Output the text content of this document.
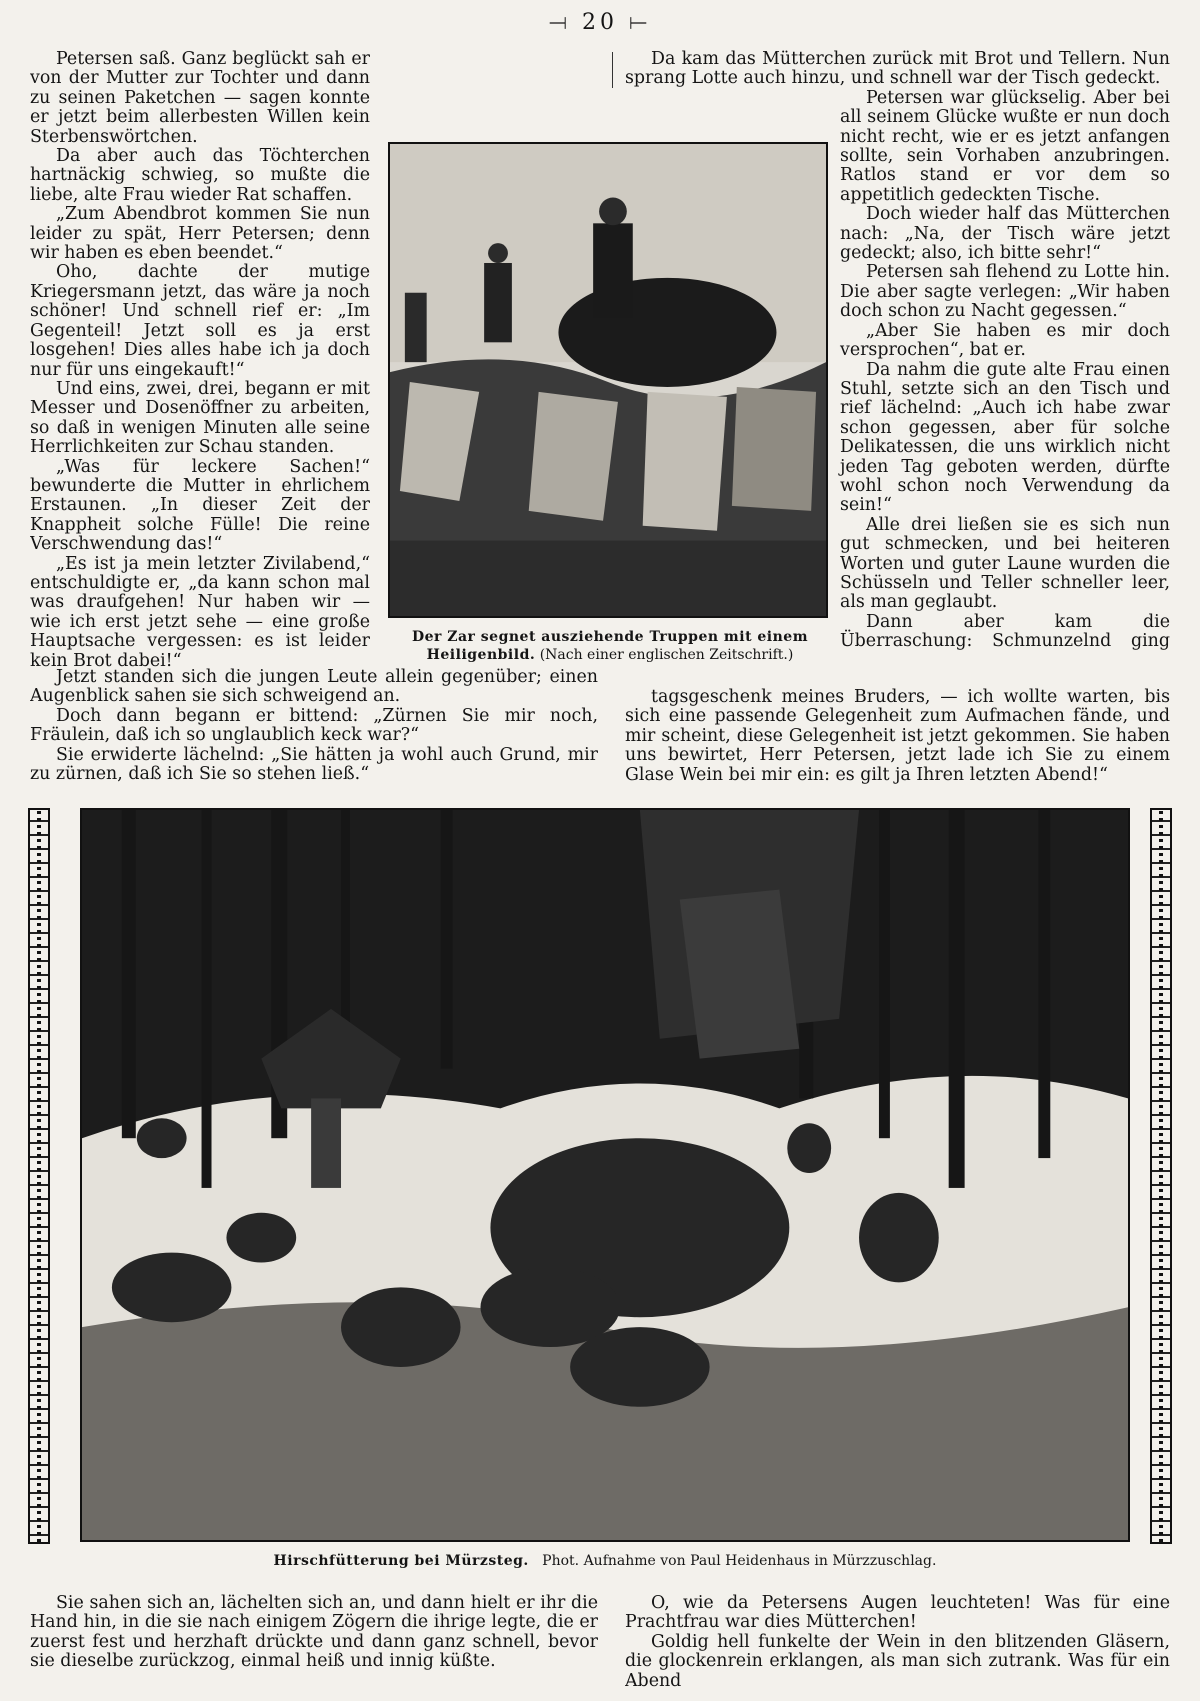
⟞ 20 ⟝

Petersen saß. Ganz beglückt sah er von der Mutter zur Tochter und dann zu seinen Paketchen — sagen konnte er jetzt beim allerbesten Willen kein Sterbenswörtchen.

Da aber auch das Töchterchen hartnäckig schwieg, so mußte die liebe, alte Frau wieder Rat schaffen.

„Zum Abendbrot kommen Sie nun leider zu spät, Herr Petersen; denn wir haben es eben beendet.“

Oho, dachte der mutige Kriegersmann jetzt, das wäre ja noch schöner! Und schnell rief er: „Im Gegenteil! Jetzt soll es ja erst losgehen! Dies alles habe ich ja doch nur für uns eingekauft!“

Und eins, zwei, drei, begann er mit Messer und Dosenöffner zu arbeiten, so daß in wenigen Minuten alle seine Herrlichkeiten zur Schau standen.

„Was für leckere Sachen!“ bewunderte die Mutter in ehrlichem Erstaunen. „In dieser Zeit der Knappheit solche Fülle! Die reine Verschwendung das!“

„Es ist ja mein letzter Zivilabend,“ entschuldigte er, „da kann schon mal was draufgehen! Nur haben wir — wie ich erst jetzt sehe — eine große Hauptsache vergessen: es ist leider kein Brot dabei!“

Da kam das Mütterchen zurück mit Brot und Tellern. Nun sprang Lotte auch hinzu, und schnell war der Tisch gedeckt.

Petersen war glückselig. Aber bei all seinem Glücke wußte er nun doch nicht recht, wie er es jetzt anfangen sollte, sein Vorhaben anzubringen. Ratlos stand er vor dem so appetitlich gedeckten Tische.

Doch wieder half das Mütterchen nach: „Na, der Tisch wäre jetzt gedeckt; also, ich bitte sehr!“

Petersen sah flehend zu Lotte hin. Die aber sagte verlegen: „Wir haben doch schon zu Nacht gegessen.“

„Aber Sie haben es mir doch versprochen“, bat er.

Da nahm die gute alte Frau einen Stuhl, setzte sich an den Tisch und rief lächelnd: „Auch ich habe zwar schon gegessen, aber für solche Delikatessen, die uns wirklich nicht jeden Tag geboten werden, dürfte wohl schon noch Verwendung da sein!“

Alle drei ließen sie es sich nun gut schmecken, und bei heiteren Worten und guter Laune wurden die Schüsseln und Teller schneller leer, als man geglaubt.

Dann aber kam die Überraschung: Schmunzelnd ging

Der Zar segnet ausziehende Truppen mit einem Heiligenbild. (Nach einer englischen Zeitschrift.)

Jetzt standen sich die jungen Leute allein gegenüber; einen Augenblick sahen sie sich schweigend an.

Doch dann begann er bittend: „Zürnen Sie mir noch, Fräulein, daß ich so unglaublich keck war?“

Sie erwiderte lächelnd: „Sie hätten ja wohl auch Grund, mir zu zürnen, daß ich Sie so stehen ließ.“

tagsgeschenk meines Bruders, — ich wollte warten, bis sich eine passende Gelegenheit zum Aufmachen fände, und mir scheint, diese Gelegenheit ist jetzt gekommen. Sie haben uns bewirtet, Herr Petersen, jetzt lade ich Sie zu einem Glase Wein bei mir ein: es gilt ja Ihren letzten Abend!“

Hirschfütterung bei Mürzsteg. Phot. Aufnahme von Paul Heidenhaus in Mürzzuschlag.

Sie sahen sich an, lächelten sich an, und dann hielt er ihr die Hand hin, in die sie nach einigem Zögern die ihrige legte, die er zuerst fest und herzhaft drückte und dann ganz schnell, bevor sie dieselbe zurückzog, einmal heiß und innig küßte.

O, wie da Petersens Augen leuchteten! Was für eine Prachtfrau war dies Mütterchen!

Goldig hell funkelte der Wein in den blitzenden Gläsern, die glockenrein erklangen, als man sich zutrank. Was für ein Abend
